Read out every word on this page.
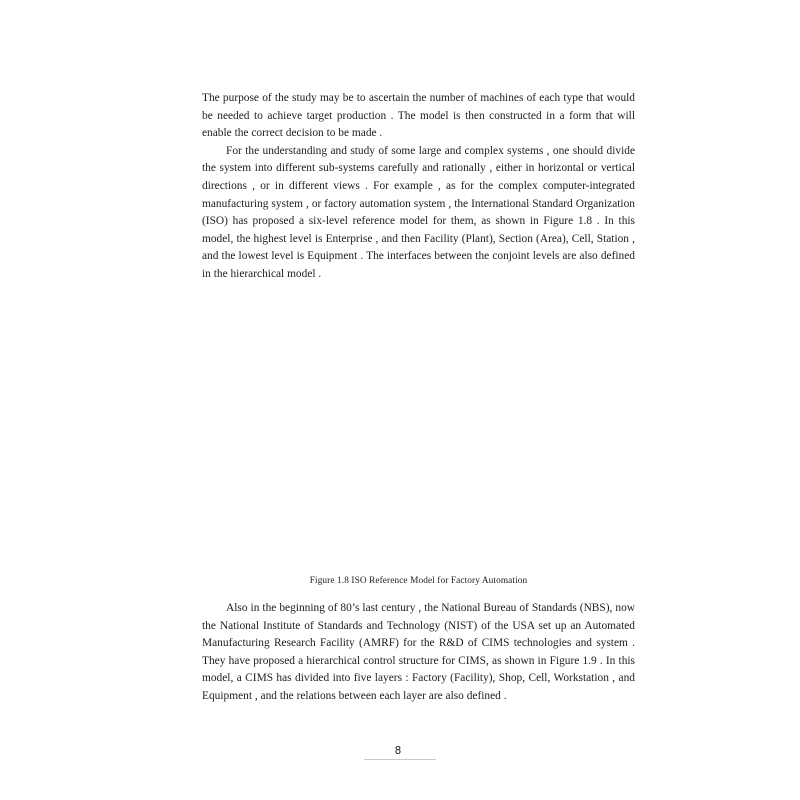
The purpose of the study may be to ascertain the number of machines of each type that would be needed to achieve target production . The model is then constructed in a form that will enable the correct decision to be made .

For the understanding and study of some large and complex systems , one should divide the system into different sub-systems carefully and rationally , either in horizontal or vertical directions , or in different views . For example , as for the complex computer-integrated manufacturing system , or factory automation system , the International Standard Organization (ISO) has proposed a six-level reference model for them, as shown in Figure 1.8 . In this model, the highest level is Enterprise , and then Facility (Plant), Section (Area), Cell, Station , and the lowest level is Equipment . The interfaces between the conjoint levels are also defined in the hierarchical model .

Figure 1.8 ISO Reference Model for Factory Automation

Also in the beginning of 80’s last century , the National Bureau of Standards (NBS), now the National Institute of Standards and Technology (NIST) of the USA set up an Automated Manufacturing Research Facility (AMRF) for the R&D of CIMS technologies and system . They have proposed a hierarchical control structure for CIMS, as shown in Figure 1.9 . In this model, a CIMS has divided into five layers : Factory (Facility), Shop, Cell, Workstation , and Equipment , and the relations between each layer are also defined .

8
